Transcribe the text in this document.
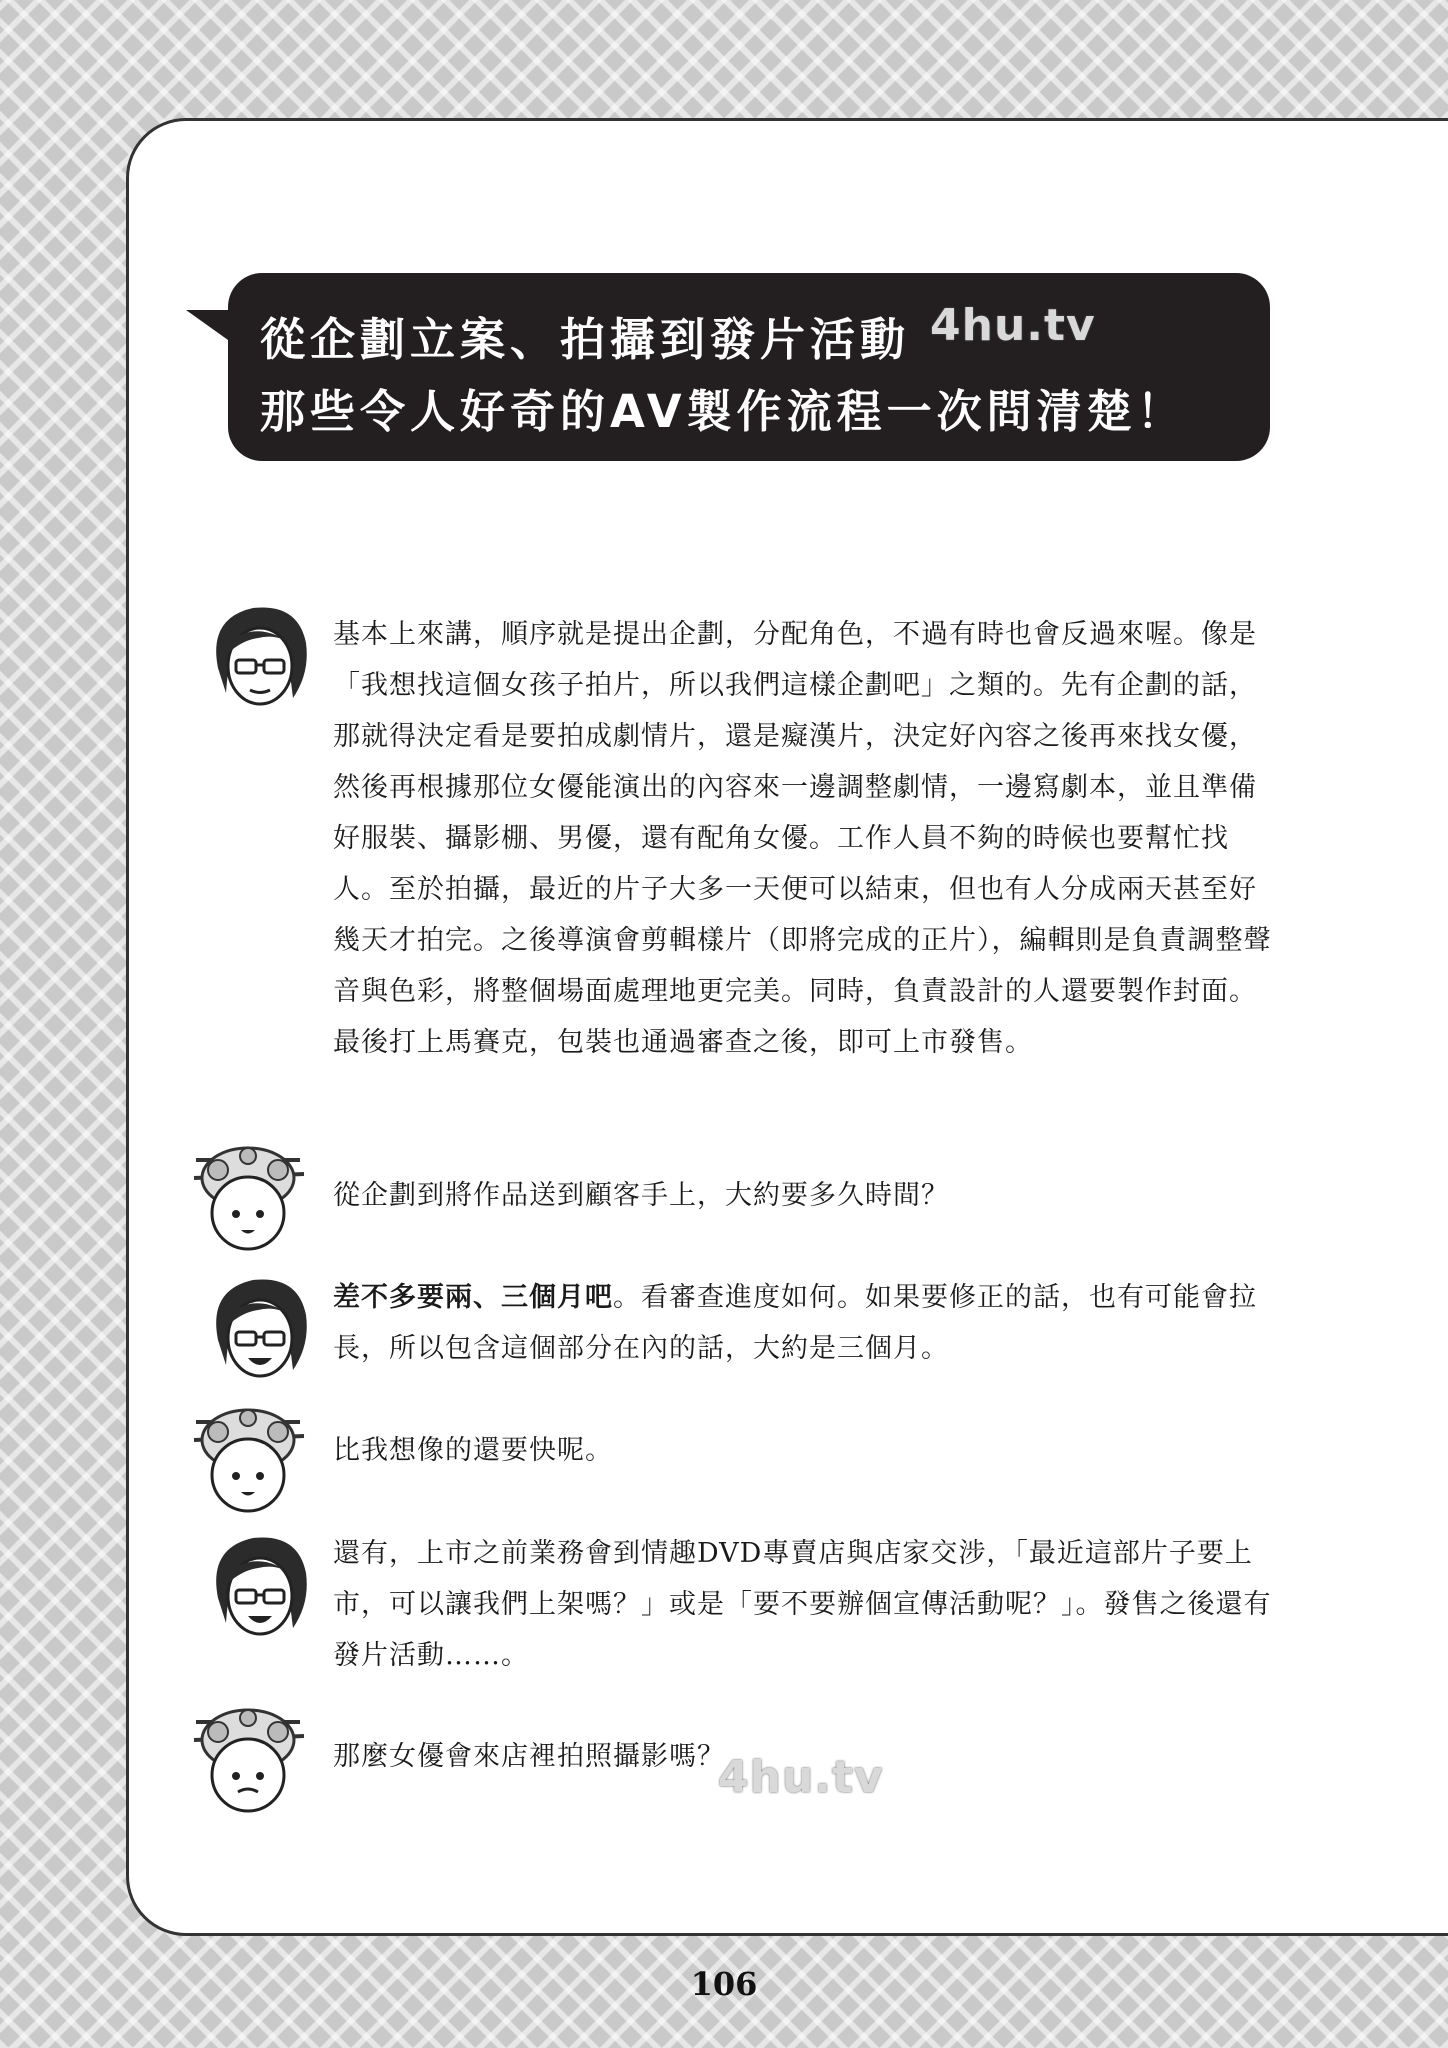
從企劃立案、拍攝到發片活動
那些令人好奇的AV製作流程一次問清楚！
4hu.tv
基本上來講，順序就是提出企劃，分配角色，不過有時也會反過來喔。像是「我想找這個女孩子拍片，所以我們這樣企劃吧」之類的。先有企劃的話，那就得決定看是要拍成劇情片，還是癡漢片，決定好內容之後再來找女優，然後再根據那位女優能演出的內容來一邊調整劇情，一邊寫劇本，並且準備好服裝、攝影棚、男優，還有配角女優。工作人員不夠的時候也要幫忙找人。至於拍攝，最近的片子大多一天便可以結束，但也有人分成兩天甚至好幾天才拍完。之後導演會剪輯樣片（即將完成的正片），編輯則是負責調整聲音與色彩，將整個場面處理地更完美。同時，負責設計的人還要製作封面。最後打上馬賽克，包裝也通過審查之後，即可上市發售。
從企劃到將作品送到顧客手上，大約要多久時間？
差不多要兩、三個月吧。看審查進度如何。如果要修正的話，也有可能會拉長，所以包含這個部分在內的話，大約是三個月。
比我想像的還要快呢。
還有，上市之前業務會到情趣DVD專賣店與店家交涉，「最近這部片子要上市，可以讓我們上架嗎？」或是「要不要辦個宣傳活動呢？」。發售之後還有發片活動……。
那麼女優會來店裡拍照攝影嗎？
4hu.tv
106
